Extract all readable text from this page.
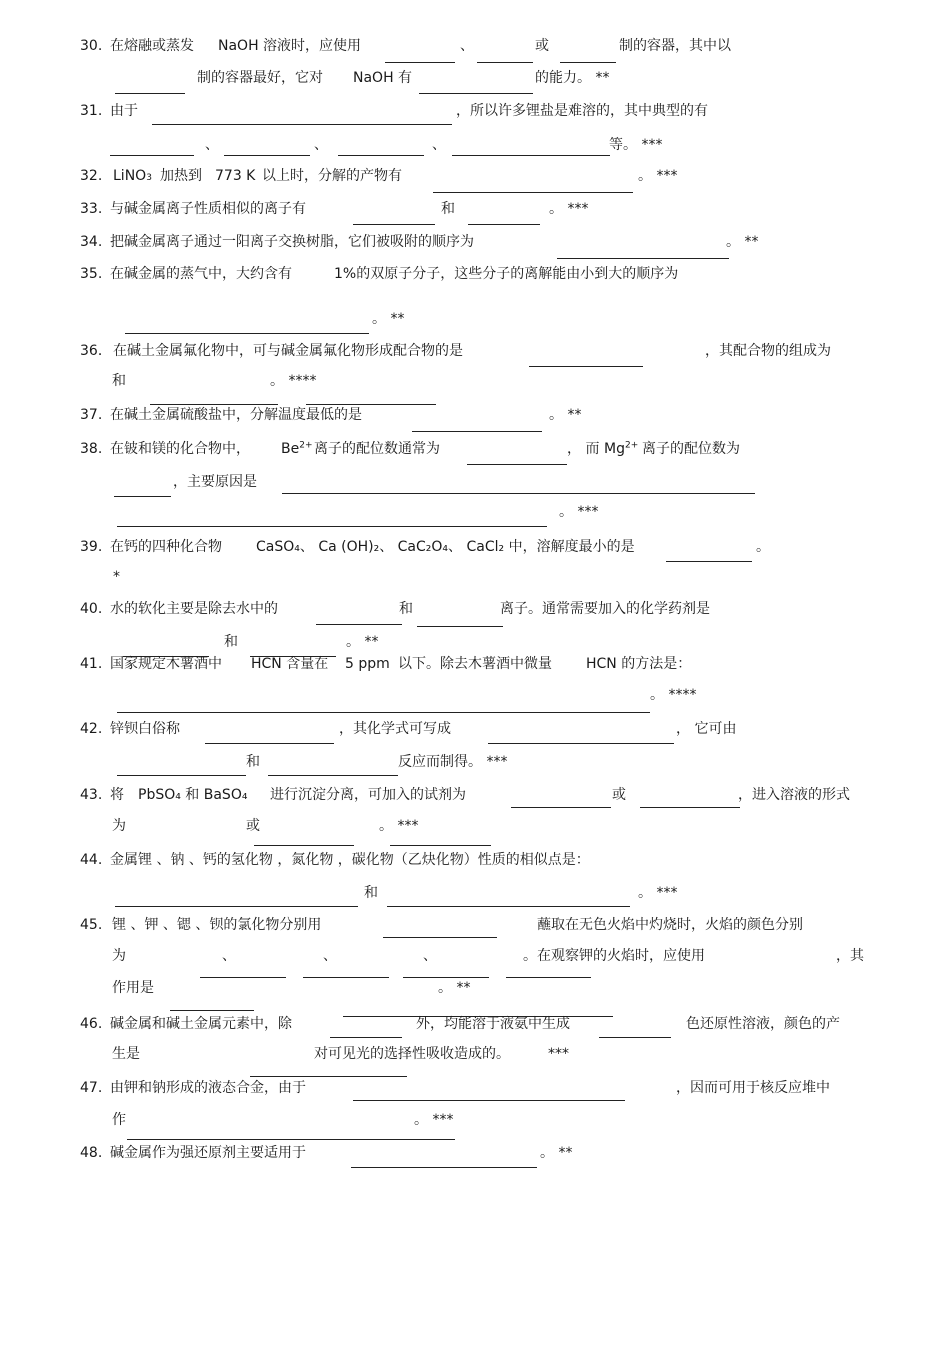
30. 在熔融或蒸发 NaOH 溶液时，应使用	、	或	制的容器，其中以
制的容器最好，它对 NaOH 有	的能力。 **
31. 由于	，所以许多锂盐是难溶的，其中典型的有
、	、	、	等。 ***
32. LiNO3 加热到 773 K 以上时，分解的产物有	。 ***
33. 与碱金属离子性质相似的离子有	和	。 ***
34. 把碱金属离子通过一阳离子交换树脂，它们被吸附的顺序为	。 **
35. 在碱金属的蒸气中，大约含有	1%的双原子分子，这些分子的离解能由小到大的顺序为
。 **
36． 在碱土金属氟化物中，可与碱金属氟化物形成配合物的是	，其配合物的组成为
和	。 ****
37. 在碱土金属硫酸盐中，分解温度最低的是	。 **
38. 在铍和镁的化合物中， $Be^{2+}$ 离子的配位数通常为	， 而 $Mg^{2+}$ 离子的配位数为
，主要原因是
。 ***
39. 在钙的四种化合物 CaSO₄、 Ca (OH)₂、 CaC₂O₄、 CaCl₂ 中，溶解度最小的是	。
*
40. 水的软化主要是除去水中的	和	离子。通常需要加入的化学药剂是
和	。 **
41. 国家规定木薯酒中 HCN 含量在 5 ppm 以下。除去木薯酒中微量 HCN 的方法是：
。 ****
42. 锌钡白俗称	，其化学式可写成	， 它可由
和	反应而制得。 ***
43. 将 PbSO₄ 和 BaSO₄ 进行沉淀分离，可加入的试剂为	或	，进入溶液的形式
为	或	。 ***
44. 金属锂 、钠 、钙的氢化物 ，氮化物 ，碳化物（乙炔化物）性质的相似点是：
和	。 ***
45. 锂 、钾 、锶 、钡的氯化物分别用	蘸取在无色火焰中灼烧时，火焰的颜色分别
为	、	、	、	。在观察钾的火焰时，应使用	，其
作用是	。 **
46. 碱金属和碱土金属元素中，除	外，均能溶于液氨中生成	色还原性溶液，颜色的产
生是	对可见光的选择性吸收造成的。	***
47. 由钾和钠形成的液态合金，由于	，因而可用于核反应堆中
作	。 ***
48. 碱金属作为强还原剂主要适用于	。 **
